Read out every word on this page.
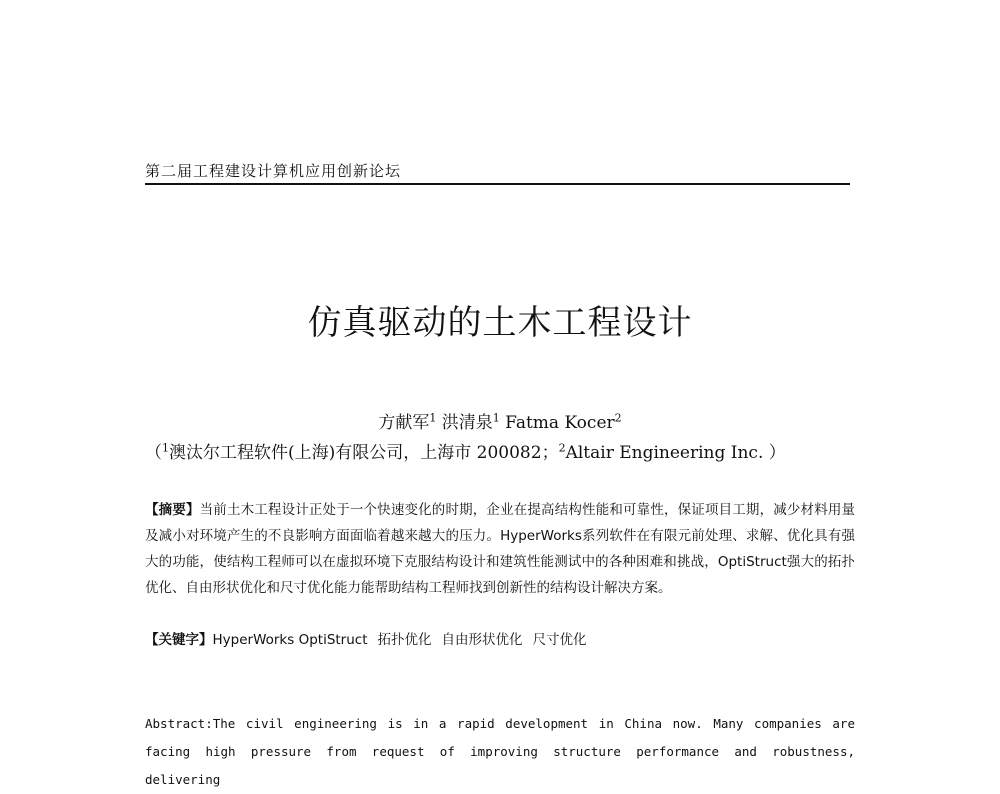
第二届工程建设计算机应用创新论坛
仿真驱动的土木工程设计
方献军$^1$ 洪清泉$^1$ Fatma Kocer$^2$
（$^1$澳汰尔工程软件(上海)有限公司，上海市 200082；$^2$Altair Engineering Inc. ）

【摘要】当前土木工程设计正处于一个快速变化的时期，企业在提高结构性能和可靠性，保证项目工期，减少材料用量及减小对环境产生的不良影响方面面临着越来越大的压力。HyperWorks系列软件在有限元前处理、求解、优化具有强大的功能，使结构工程师可以在虚拟环境下克服结构设计和建筑性能测试中的各种困难和挑战，OptiStruct强大的拓扑优化、自由形状优化和尺寸优化能力能帮助结构工程师找到创新性的结构设计解决方案。

【关键字】HyperWorks OptiStruct 拓扑优化 自由形状优化 尺寸优化

Abstract:The civil engineering is in a rapid development in China now. Many companies are facing high pressure from request of improving structure performance and robustness, delivering
